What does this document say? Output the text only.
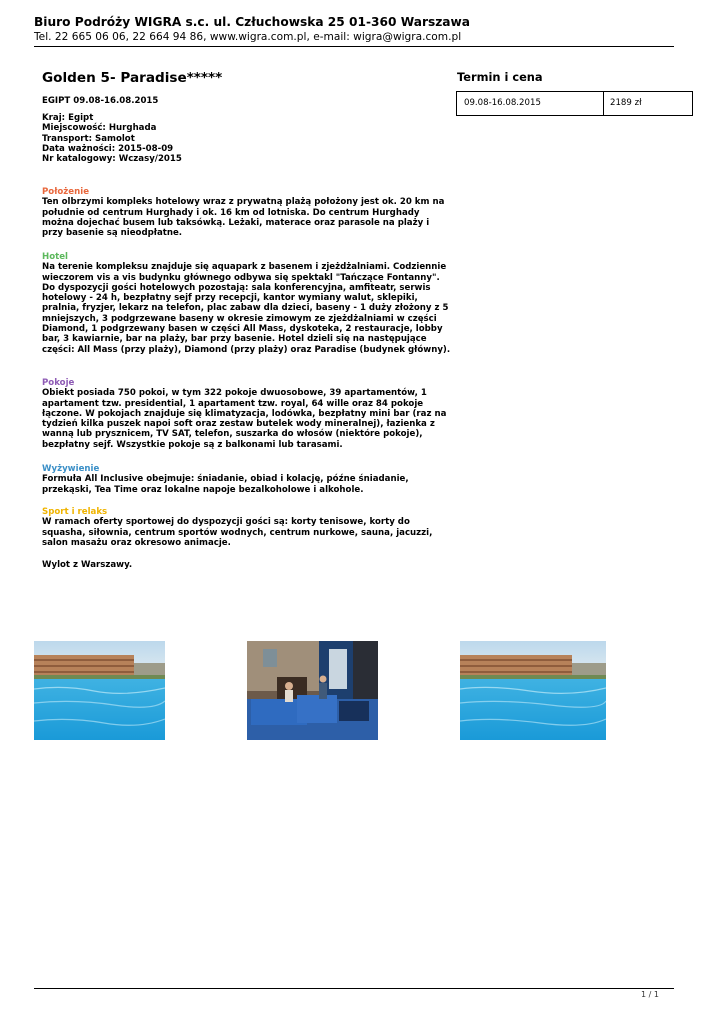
Biuro Podróży WIGRA s.c. ul. Człuchowska 25 01-360 Warszawa
Tel. 22 665 06 06, 22 664 94 86, www.wigra.com.pl, e-mail: wigra@wigra.com.pl
Golden 5- Paradise*****
EGIPT 09.08-16.08.2015
Kraj: Egipt
Miejscowość: Hurghada
Transport: Samolot
Data ważności: 2015-08-09
Nr katalogowy: Wczasy/2015
Położenie

Ten olbrzymi kompleks hotelowy wraz z prywatną plażą położony jest ok. 20 km na południe od centrum Hurghady i ok. 16 km od lotniska. Do centrum Hurghady można dojechać busem lub taksówką. Leżaki, materace oraz parasole na plaży i przy basenie są nieodpłatne.

Hotel

Na terenie kompleksu znajduje się aquapark z basenem i zjeżdżalniami. Codziennie wieczorem vis a vis budynku głównego odbywa się spektakl "Tańczące Fontanny". Do dyspozycji gości hotelowych pozostają: sala konferencyjna, amfiteatr, serwis hotelowy - 24 h, bezpłatny sejf przy recepcji, kantor wymiany walut, sklepiki, pralnia, fryzjer, lekarz na telefon, plac zabaw dla dzieci, baseny - 1 duży złożony z 5 mniejszych, 3 podgrzewane baseny w okresie zimowym ze zjeżdżalniami w części Diamond, 1 podgrzewany basen w części All Mass, dyskoteka, 2 restauracje, lobby bar, 3 kawiarnie, bar na plaży, bar przy basenie. Hotel dzieli się na następujące części: All Mass (przy plaży), Diamond (przy plaży) oraz Paradise (budynek główny).

Pokoje

Obiekt posiada 750 pokoi, w tym 322 pokoje dwuosobowe, 39 apartamentów, 1 apartament tzw. presidential, 1 apartament tzw. royal, 64 wille oraz 84 pokoje łączone. W pokojach znajduje się klimatyzacja, lodówka, bezpłatny mini bar (raz na tydzień kilka puszek napoi soft oraz zestaw butelek wody mineralnej), łazienka z wanną lub prysznicem, TV SAT, telefon, suszarka do włosów (niektóre pokoje), bezpłatny sejf. Wszystkie pokoje są z balkonami lub tarasami.

Wyżywienie

Formuła All Inclusive obejmuje: śniadanie, obiad i kolację, późne śniadanie, przekąski, Tea Time oraz lokalne napoje bezalkoholowe i alkohole.

Sport i relaks

W ramach oferty sportowej do dyspozycji gości są: korty tenisowe, korty do squasha, siłownia, centrum sportów wodnych, centrum nurkowe, sauna, jacuzzi, salon masażu oraz okresowo animacje.

Wylot z Warszawy.
Termin i cena
09.08-16.08.2015	2189 zł
1 / 1
